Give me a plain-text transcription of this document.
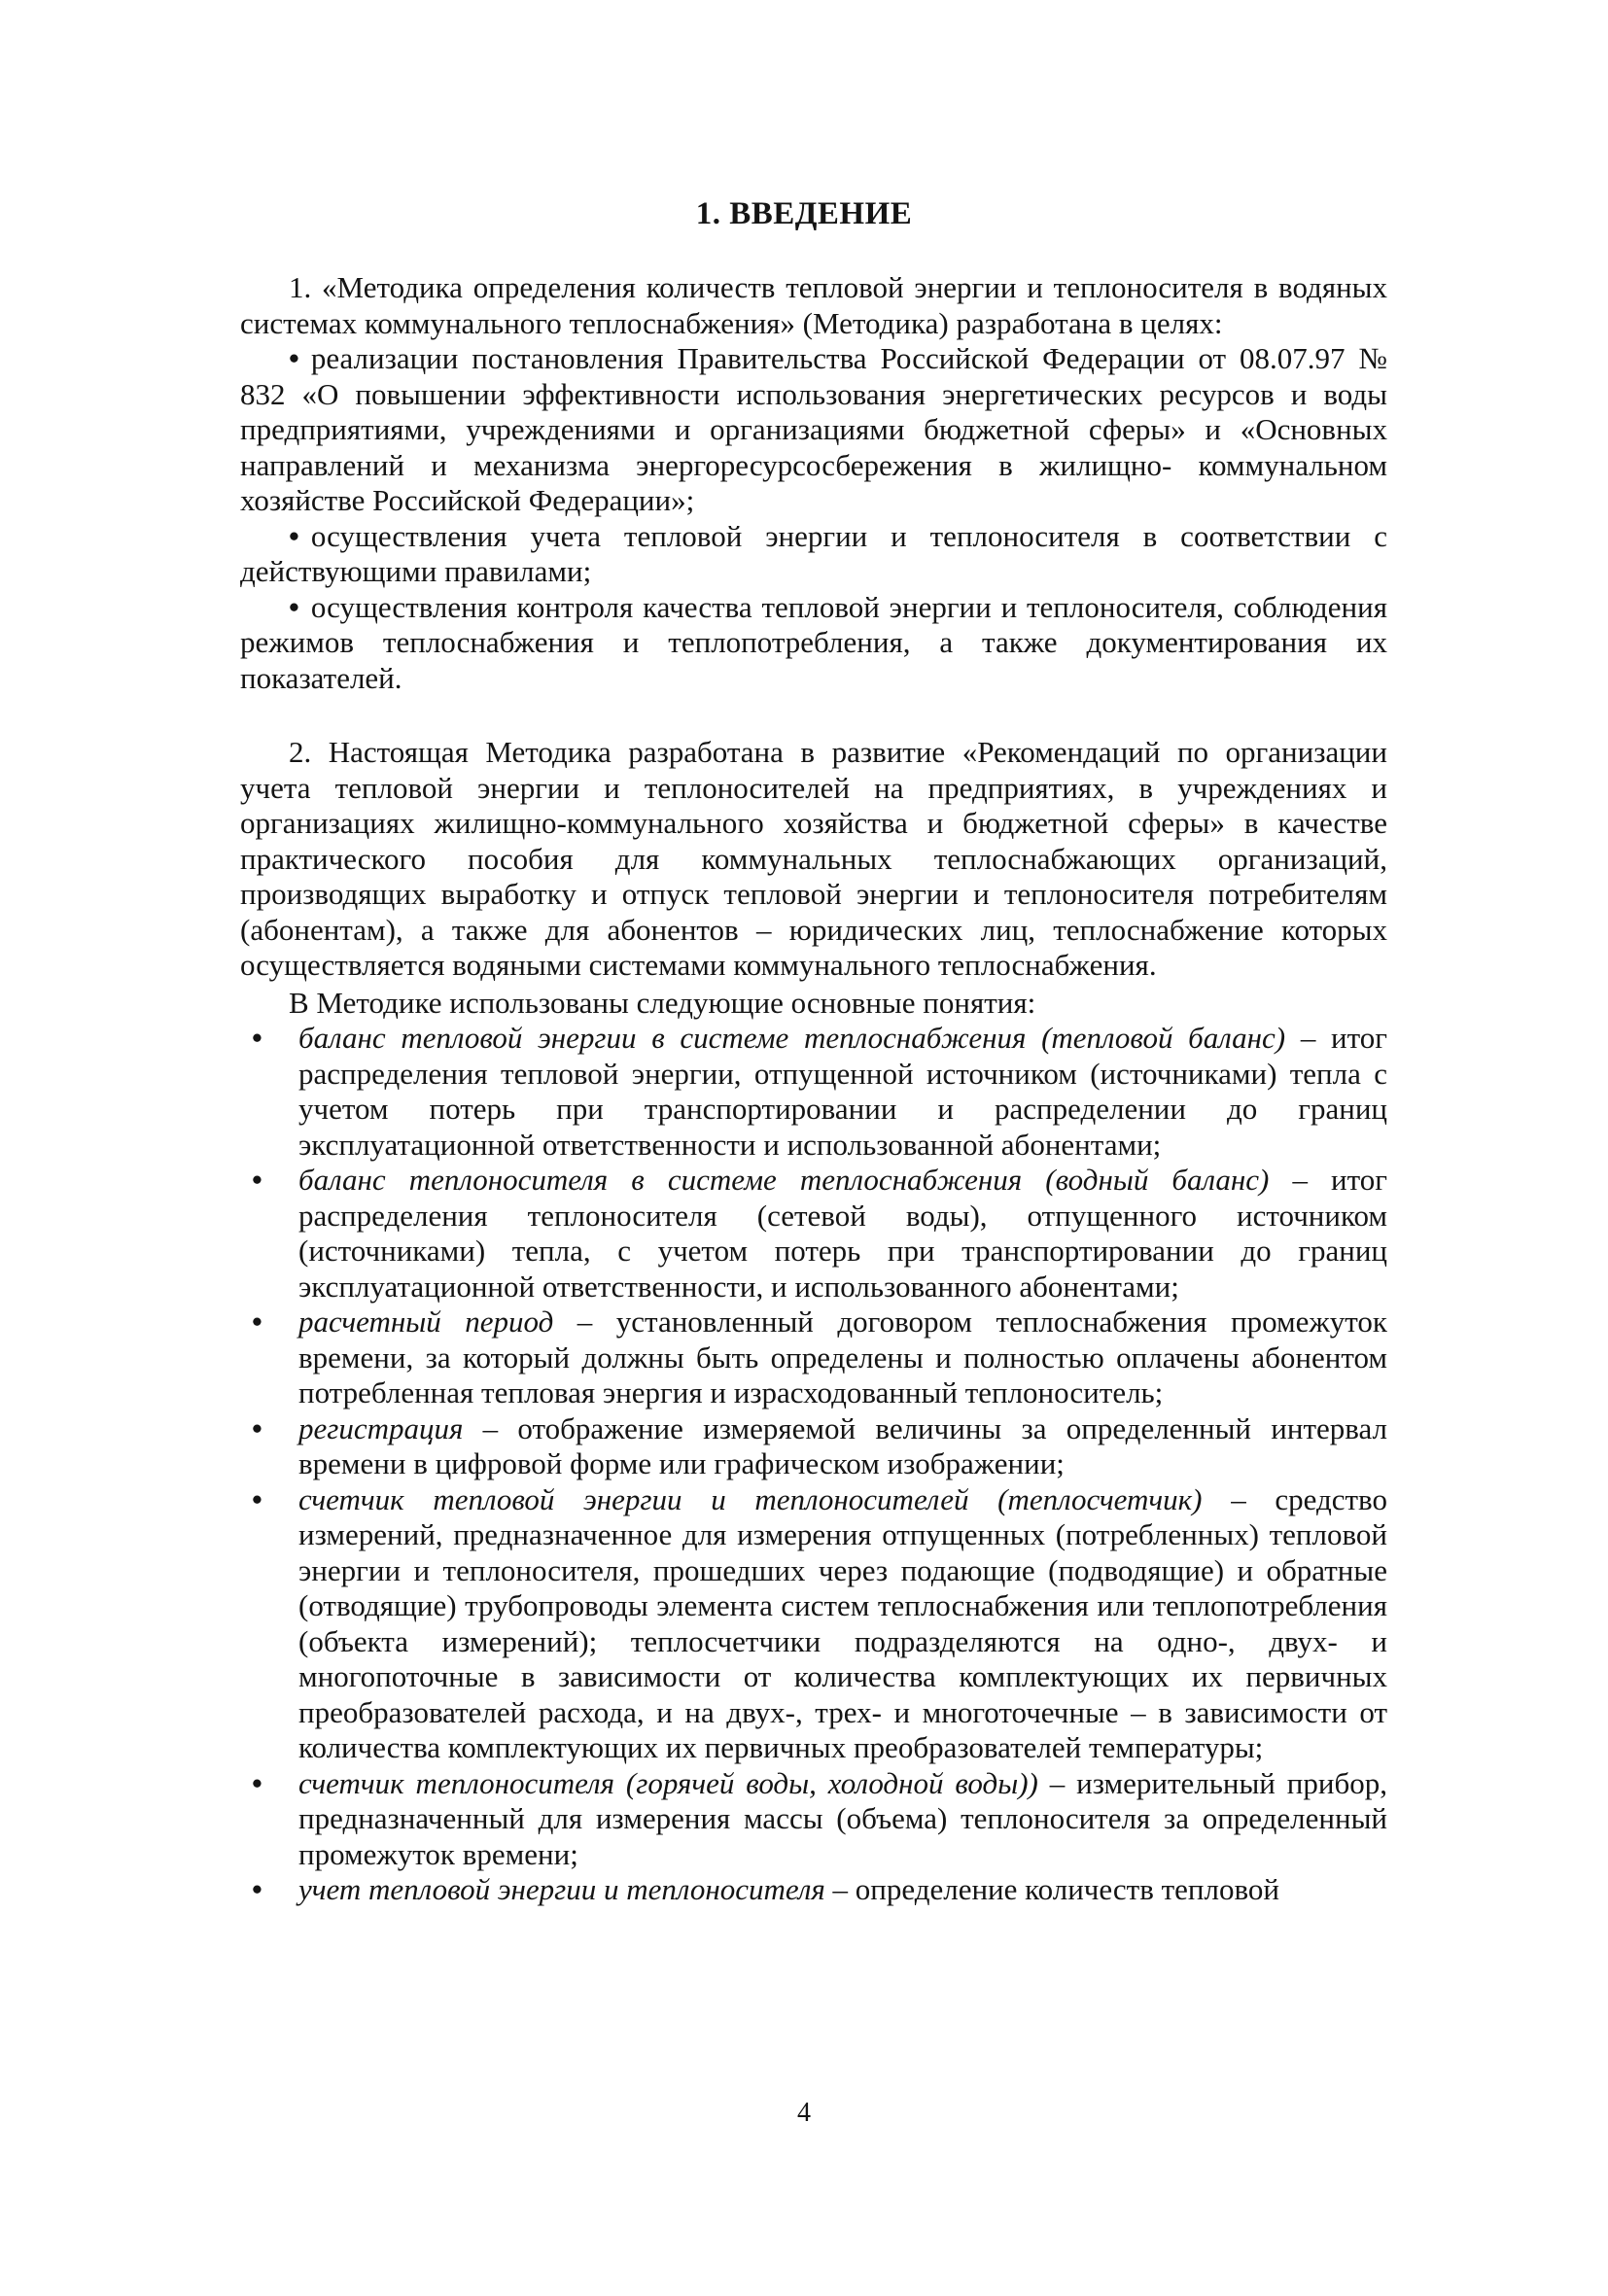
1. ВВЕДЕНИЕ

1. «Методика определения количеств тепловой энергии и теплоносителя в водяных системах коммунального теплоснабжения» (Методика) разработана в целях:

• реализации постановления Правительства Российской Федерации от 08.07.97 № 832 «О повышении эффективности использования энергетических ресурсов и воды предприятиями, учреждениями и организациями бюджетной сферы» и «Основных направлений и механизма энергоресурсосбережения в жилищно- коммунальном хозяйстве Российской Федерации»;
• осуществления учета тепловой энергии и теплоносителя в соответствии с действующими правилами;
• осуществления контроля качества тепловой энергии и теплоносителя, соблюдения режимов теплоснабжения и теплопотребления, а также документирования их показателей.

2. Настоящая Методика разработана в развитие «Рекомендаций по организации учета тепловой энергии и теплоносителей на предприятиях, в учреждениях и организациях жилищно-коммунального хозяйства и бюджетной сферы» в качестве практического пособия для коммунальных теплоснабжающих организаций, производящих выработку и отпуск тепловой энергии и теплоносителя потребителям (абонентам), а также для абонентов – юридических лиц, теплоснабжение которых осуществляется водяными системами коммунального теплоснабжения.

В Методике использованы следующие основные понятия:

• баланс тепловой энергии в системе теплоснабжения (тепловой баланс) – итог распределения тепловой энергии, отпущенной источником (источниками) тепла с учетом потерь при транспортировании и распределении до границ эксплуатационной ответственности и использованной абонентами;
• баланс теплоносителя в системе теплоснабжения (водный баланс) – итог распределения теплоносителя (сетевой воды), отпущенного источником (источниками) тепла, с учетом потерь при транспортировании до границ эксплуатационной ответственности, и использованного абонентами;
• расчетный период – установленный договором теплоснабжения промежуток времени, за который должны быть определены и полностью оплачены абонентом потребленная тепловая энергия и израсходованный теплоноситель;
• регистрация – отображение измеряемой величины за определенный интервал времени в цифровой форме или графическом изображении;
• счетчик тепловой энергии и теплоносителей (теплосчетчик) – средство измерений, предназначенное для измерения отпущенных (потребленных) тепловой энергии и теплоносителя, прошедших через подающие (подводящие) и обратные (отводящие) трубопроводы элемента систем теплоснабжения или теплопотребления (объекта измерений); теплосчетчики подразделяются на одно-, двух- и многопоточные в зависимости от количества комплектующих их первичных преобразователей расхода, и на двух-, трех- и многоточечные – в зависимости от количества комплектующих их первичных преобразователей температуры;
• счетчик теплоносителя (горячей воды, холодной воды)) – измерительный прибор, предназначенный для измерения массы (объема) теплоносителя за определенный промежуток времени;
• учет тепловой энергии и теплоносителя – определение количеств тепловой
4
